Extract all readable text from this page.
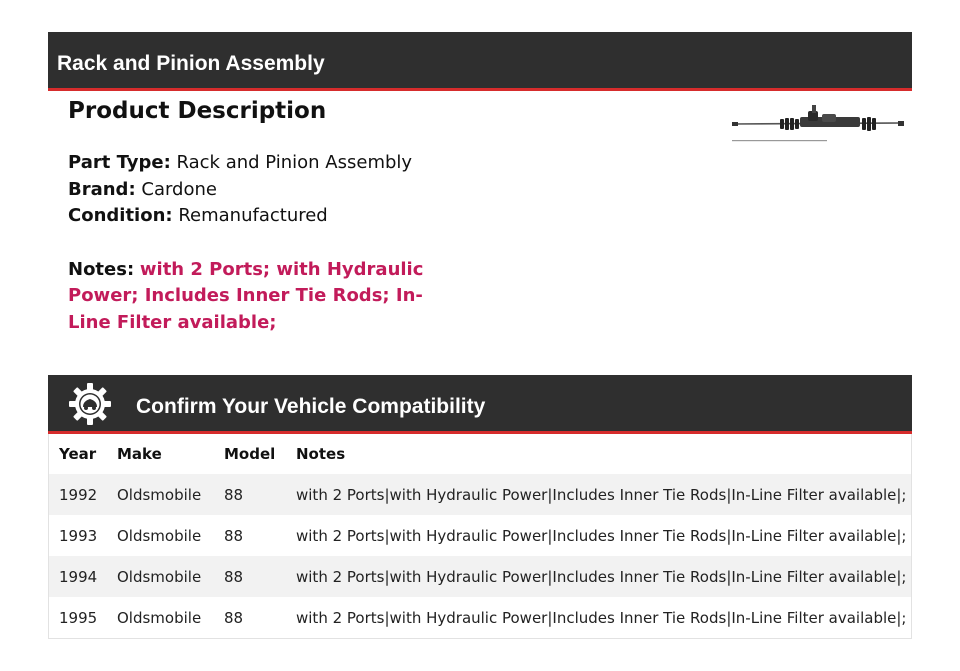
Rack and Pinion Assembly
Product Description
Part Type: Rack and Pinion Assembly
Brand: Cardone
Condition: Remanufactured
Notes: with 2 Ports; with Hydraulic Power; Includes Inner Tie Rods; In-Line Filter available;
Confirm Your Vehicle Compatibility
Year	Make	Model	Notes
1992	Oldsmobile	88	with 2 Ports|with Hydraulic Power|Includes Inner Tie Rods|In-Line Filter available|;
1993	Oldsmobile	88	with 2 Ports|with Hydraulic Power|Includes Inner Tie Rods|In-Line Filter available|;
1994	Oldsmobile	88	with 2 Ports|with Hydraulic Power|Includes Inner Tie Rods|In-Line Filter available|;
1995	Oldsmobile	88	with 2 Ports|with Hydraulic Power|Includes Inner Tie Rods|In-Line Filter available|;
